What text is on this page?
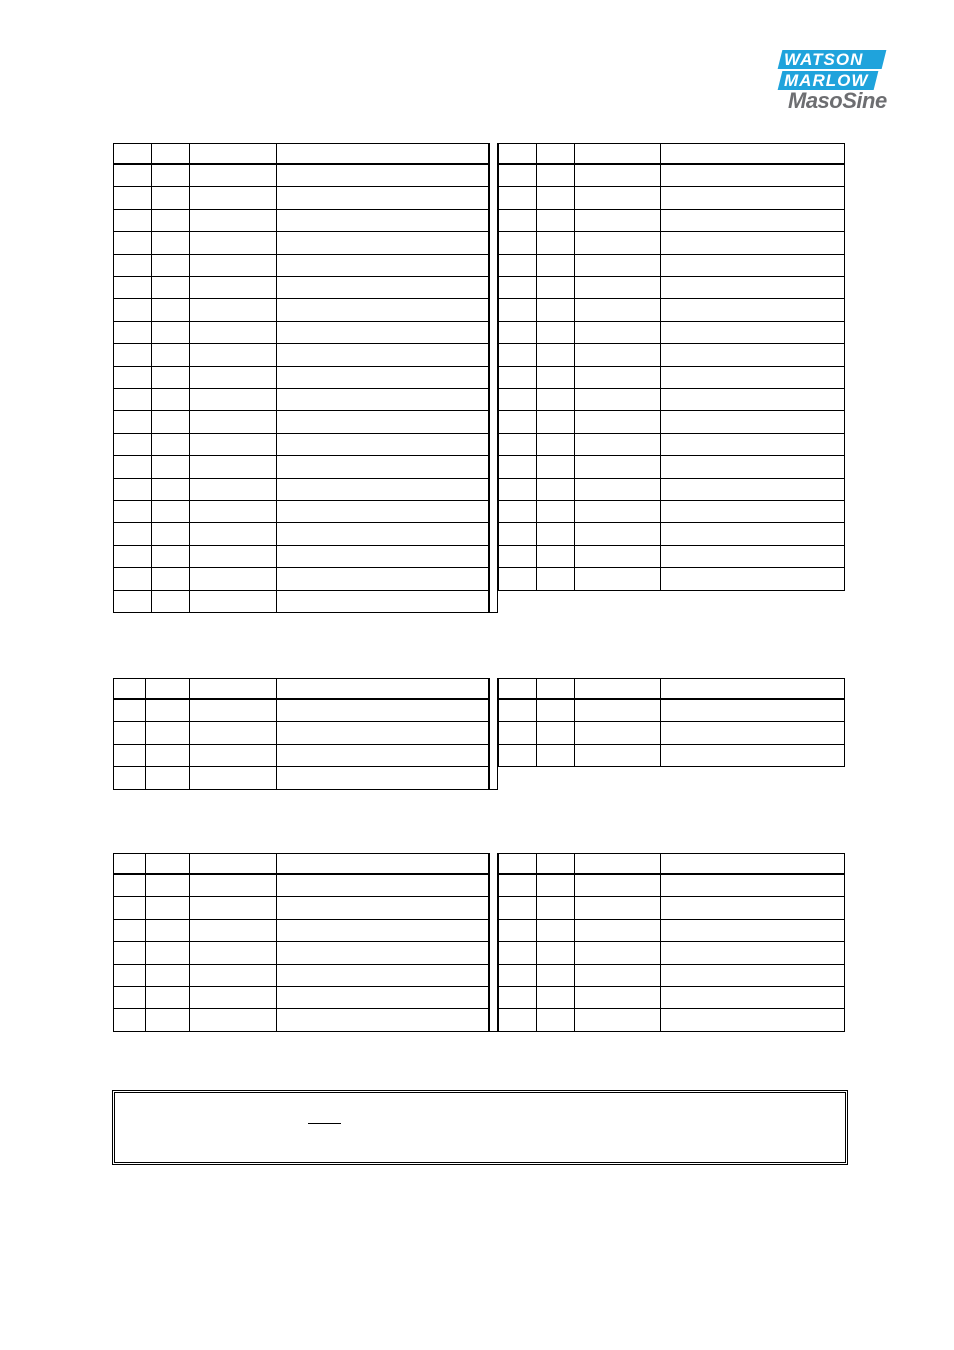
WATSON
MARLOW
MasoSine
